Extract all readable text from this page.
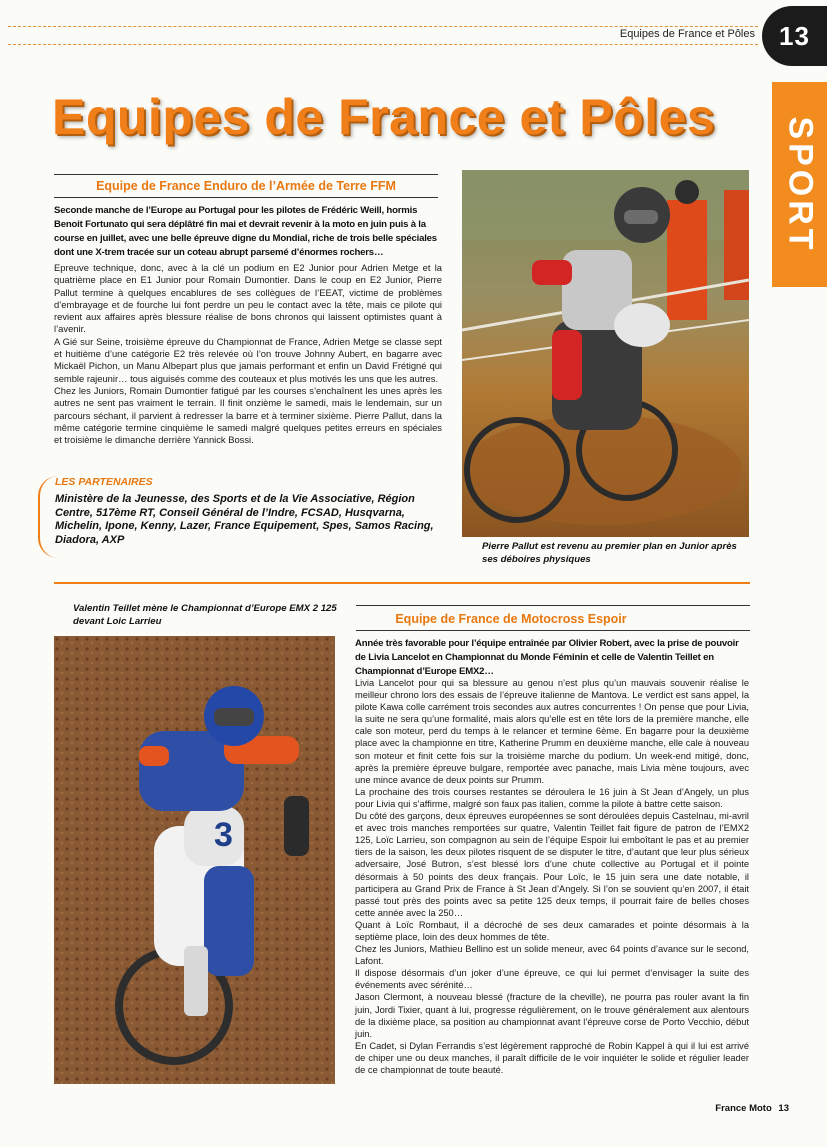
Equipes de France et Pôles 13
SPORT
Equipes de France et Pôles
Equipe de France Enduro de l’Armée de Terre FFM
Seconde manche de l’Europe au Portugal pour les pilotes de Frédéric Weill, hormis Benoit Fortunato qui sera déplâtré fin mai et devrait revenir à la moto en juin puis à la course en juillet, avec une belle épreuve digne du Mondial, riche de trois belle spéciales dont une X-trem tracée sur un coteau abrupt parsemé d’énormes rochers…

Epreuve technique, donc, avec à la clé un podium en E2 Junior pour Adrien Metge et la quatrième place en E1 Junior pour Romain Dumontier. Dans le coup en E2 Junior, Pierre Pallut termine à quelques encablures de ses collègues de l’EEAT, victime de problèmes d’embrayage et de fourche lui font perdre un peu le contact avec la tête, mais ce pilote qui revient aux affaires après blessure réalise de bons chronos qui laissent optimistes quant à l’avenir.

A Gié sur Seine, troisième épreuve du Championnat de France, Adrien Metge se classe sept et huitième d’une catégorie E2 très relevée où l’on trouve Johnny Aubert, en bagarre avec Mickaël Pichon, un Manu Albepart plus que jamais performant et enfin un David Frétigné qui semble rajeunir… tous aiguisés comme des couteaux et plus motivés les uns que les autres.

Chez les Juniors, Romain Dumontier fatigué par les courses s’enchaînent les unes après les autres ne sent pas vraiment le terrain. Il finit onzième le samedi, mais le lendemain, sur un parcours séchant, il parvient à redresser la barre et à terminer sixième. Pierre Pallut, dans la même catégorie termine cinquième le samedi malgré quelques petites erreurs en spéciales et troisième le dimanche derrière Yannick Bossi.

LES PARTENAIRES
Ministère de la Jeunesse, des Sports et de la Vie Associative, Région Centre, 517ème RT, Conseil Général de l’Indre, FCSAD, Husqvarna, Michelin, Ipone, Kenny, Lazer, France Equipement, Spes, Samos Racing, Diadora, AXP
Pierre Pallut est revenu au premier plan en Junior après ses déboires physiques
Valentin Teillet mène le Championnat d’Europe EMX 2 125 devant Loic Larrieu
3
Equipe de France de Motocross Espoir
Année très favorable pour l’équipe entraînée par Olivier Robert, avec la prise de pouvoir de Livia Lancelot en Championnat du Monde Féminin et celle de Valentin Teillet en Championnat d’Europe EMX2…

Livia Lancelot pour qui sa blessure au genou n’est plus qu’un mauvais souvenir réalise le meilleur chrono lors des essais de l’épreuve italienne de Mantova. Le verdict est sans appel, la pilote Kawa colle carrément trois secondes aux autres concurrentes ! On pense que pour Livia, la suite ne sera qu’une formalité, mais alors qu’elle est en tête lors de la première manche, elle cale son moteur, perd du temps à le relancer et termine 6ème. En bagarre pour la deuxième place avec la championne en titre, Katherine Prumm en deuxième manche, elle cale à nouveau son moteur et finit cette fois sur la troisième marche du podium. Un week-end mitigé, donc, après la première épreuve bulgare, remportée avec panache, mais Livia mène toujours, avec une mince avance de deux points sur Prumm.

La prochaine des trois courses restantes se déroulera le 16 juin à St Jean d’Angely, un plus pour Livia qui s’affirme, malgré son faux pas italien, comme la pilote à battre cette saison.

Du côté des garçons, deux épreuves européennes se sont déroulées depuis Castelnau, mi-avril et avec trois manches remportées sur quatre, Valentin Teillet fait figure de patron de l’EMX2 125, Loïc Larrieu, son compagnon au sein de l’équipe Espoir lui emboîtant le pas et au premier tiers de la saison, les deux pilotes risquent de se disputer le titre, d’autant que leur plus sérieux adversaire, José Butron, s’est blessé lors d’une chute collective au Portugal et il pointe désormais à 50 points des deux français. Pour Loïc, le 15 juin sera une date notable, il participera au Grand Prix de France à St Jean d’Angely. Si l’on se souvient qu’en 2007, il était passé tout près des points avec sa petite 125 deux temps, il pourrait faire de belles choses cette année avec la 250…

Quant à Loïc Rombaut, il a décroché de ses deux camarades et pointe désormais à la septième place, loin des deux hommes de tête.

Chez les Juniors, Mathieu Bellino est un solide meneur, avec 64 points d’avance sur le second, Lafont.

Il dispose désormais d’un joker d’une épreuve, ce qui lui permet d’envisager la suite des événements avec sérénité…

Jason Clermont, à nouveau blessé (fracture de la cheville), ne pourra pas rouler avant la fin juin, Jordi Tixier, quant à lui, progresse régulièrement, on le trouve généralement aux alentours de la dixième place, sa position au championnat avant l’épreuve corse de Porto Vecchio, début juin.

En Cadet, si Dylan Ferrandis s’est légèrement rapproché de Robin Kappel à qui il lui est arrivé de chiper une ou deux manches, il paraît difficile de le voir inquiéter le solide et régulier leader de ce championnat de toute beauté.

France Moto 13
